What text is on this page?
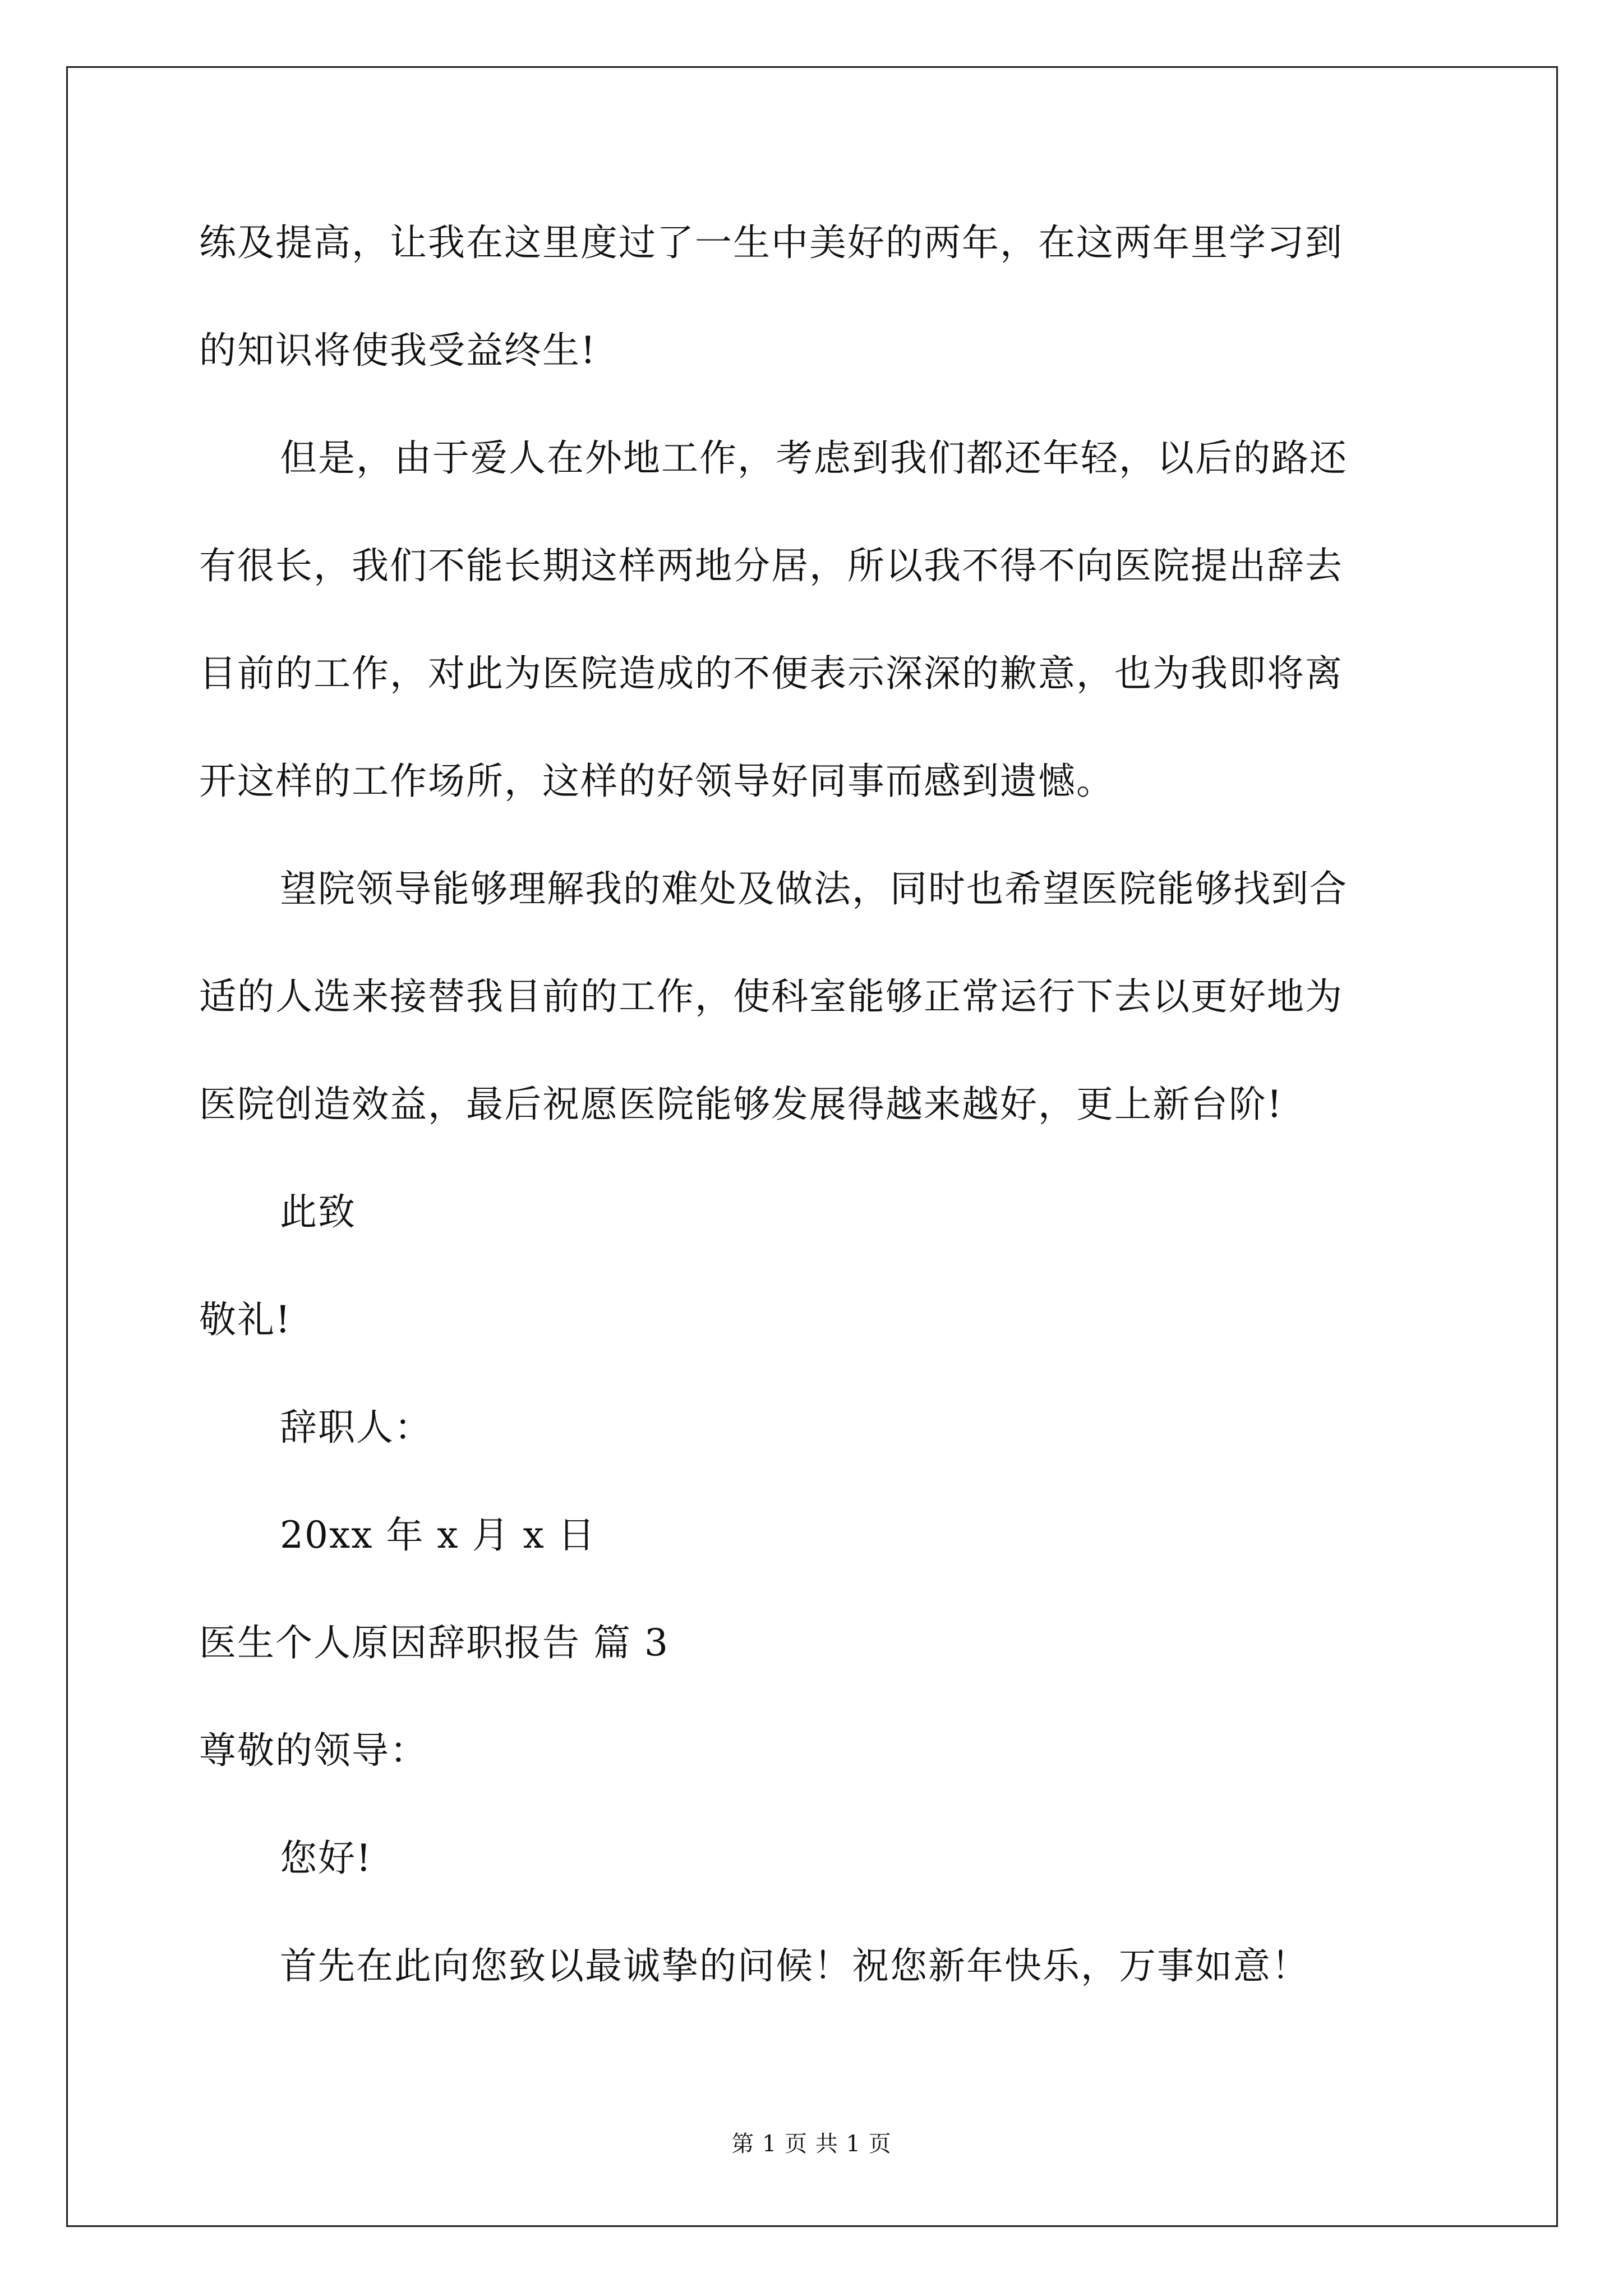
练及提高，让我在这里度过了一生中美好的两年，在这两年里学习到
的知识将使我受益终生!
但是，由于爱人在外地工作，考虑到我们都还年轻，以后的路还
有很长，我们不能长期这样两地分居，所以我不得不向医院提出辞去
目前的工作，对此为医院造成的不便表示深深的歉意，也为我即将离
开这样的工作场所，这样的好领导好同事而感到遗憾。
望院领导能够理解我的难处及做法，同时也希望医院能够找到合
适的人选来接替我目前的工作，使科室能够正常运行下去以更好地为
医院创造效益，最后祝愿医院能够发展得越来越好，更上新台阶!
此致
敬礼!
辞职人：
20xx 年 x 月 x 日
医生个人原因辞职报告 篇 3
尊敬的领导：
您好!
首先在此向您致以最诚挚的问候！祝您新年快乐，万事如意！
第 1 页 共 1 页
